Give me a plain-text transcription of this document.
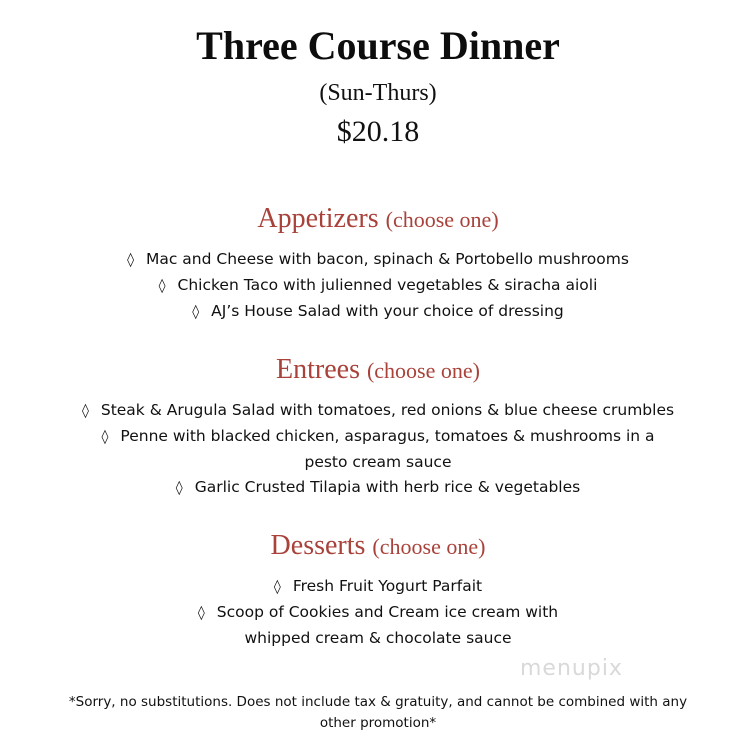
Three Course Dinner
(Sun-Thurs)
$20.18
Appetizers (choose one)
◊ Mac and Cheese with bacon, spinach & Portobello mushrooms
◊ Chicken Taco with julienned vegetables & siracha aioli
◊ AJ’s House Salad with your choice of dressing
Entrees (choose one)
◊ Steak & Arugula Salad with tomatoes, red onions & blue cheese crumbles
◊ Penne with blacked chicken, asparagus, tomatoes & mushrooms in a
pesto cream sauce
◊ Garlic Crusted Tilapia with herb rice & vegetables
Desserts (choose one)
◊ Fresh Fruit Yogurt Parfait
◊ Scoop of Cookies and Cream ice cream with
whipped cream & chocolate sauce
menupix
*Sorry, no substitutions. Does not include tax & gratuity, and cannot be combined with any
other promotion*
